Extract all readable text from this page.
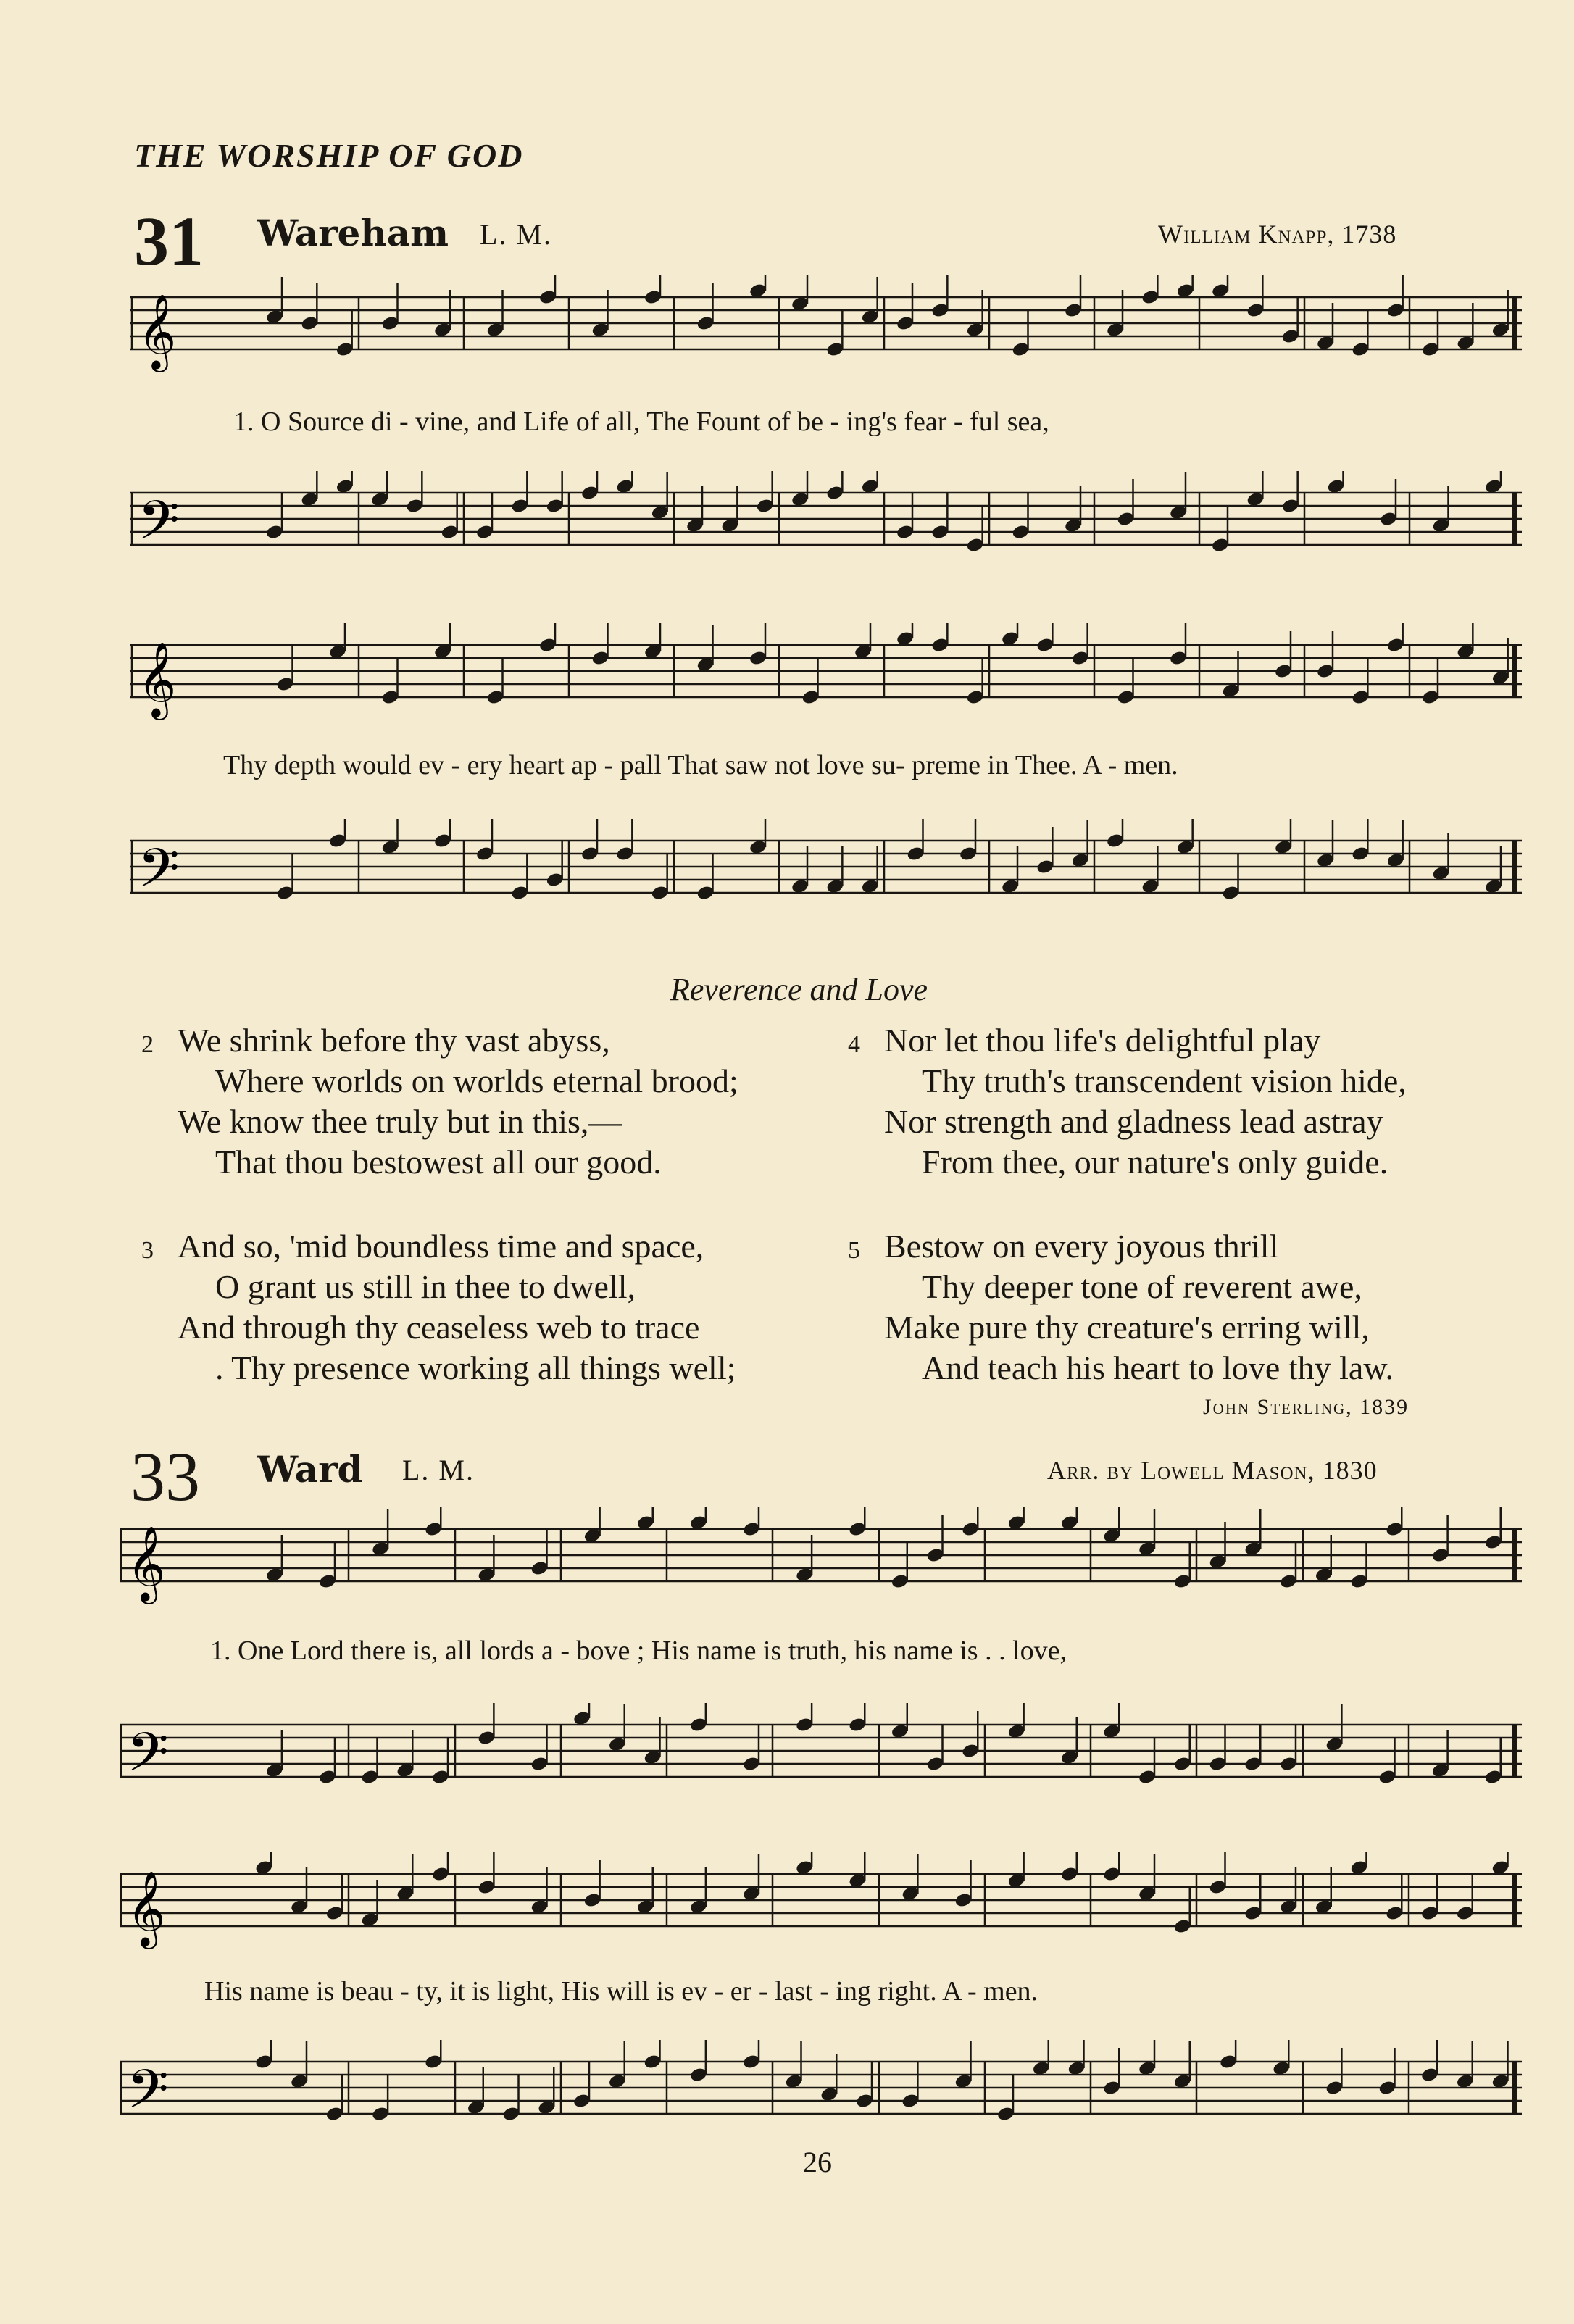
THE WORSHIP OF GOD
31 Wareham L. M.	William Knapp, 1738
𝄞
1. O Source di - vine, and Life of all, The Fount of be - ing's fear - ful sea,
𝄢
𝄞
Thy depth would ev - ery heart ap - pall That saw not love su- preme in Thee. A - men.
𝄢
Reverence and Love
2 We shrink before thy vast abyss,
Where worlds on worlds eternal brood;
We know thee truly but in this,—
That thou bestowest all our good.
3 And so, 'mid boundless time and space,
O grant us still in thee to dwell,
And through thy ceaseless web to trace
. Thy presence working all things well;
4 Nor let thou life's delightful play
Thy truth's transcendent vision hide,
Nor strength and gladness lead astray
From thee, our nature's only guide.
5 Bestow on every joyous thrill
Thy deeper tone of reverent awe,
Make pure thy creature's erring will,
And teach his heart to love thy law.
John Sterling, 1839
33 Ward L. M.	Arr. by Lowell Mason, 1830
𝄞
1. One Lord there is, all lords a - bove ; His name is truth, his name is . . love,
𝄢
𝄞
His name is beau - ty, it is light, His will is ev - er - last - ing right. A - men.
𝄢
26
